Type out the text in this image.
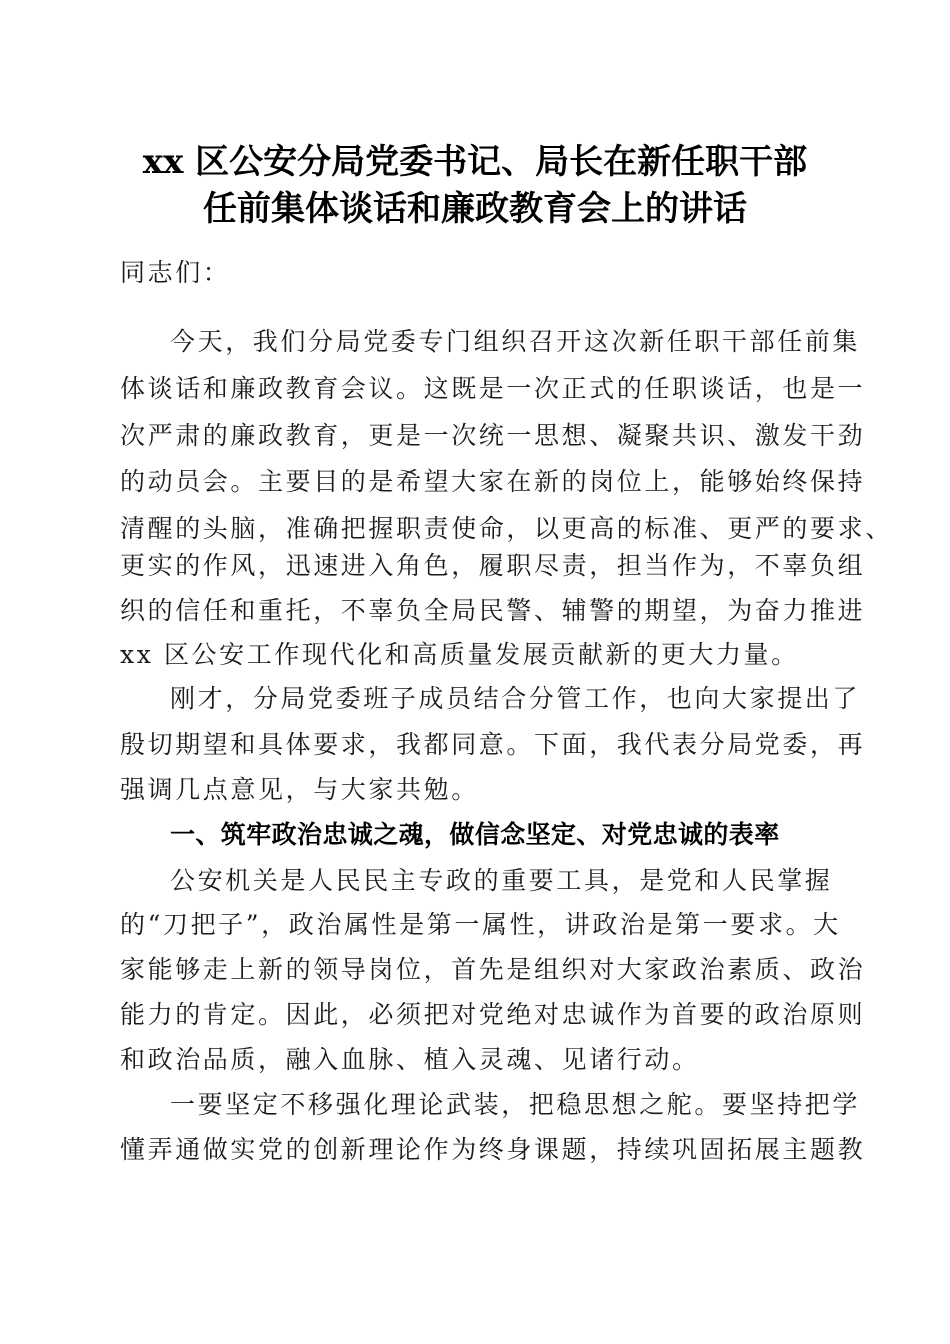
xx 区公安分局党委书记、局长在新任职干部
任前集体谈话和廉政教育会上的讲话
同志们：
今天，我们分局党委专门组织召开这次新任职干部任前集
体谈话和廉政教育会议。这既是一次正式的任职谈话，也是一
次严肃的廉政教育，更是一次统一思想、凝聚共识、激发干劲
的动员会。主要目的是希望大家在新的岗位上，能够始终保持
清醒的头脑，准确把握职责使命，以更高的标准、更严的要求、
更实的作风，迅速进入角色，履职尽责，担当作为，不辜负组
织的信任和重托，不辜负全局民警、辅警的期望，为奋力推进
xx 区公安工作现代化和高质量发展贡献新的更大力量。
刚才，分局党委班子成员结合分管工作，也向大家提出了
殷切期望和具体要求，我都同意。下面，我代表分局党委，再
强调几点意见，与大家共勉。
一、筑牢政治忠诚之魂，做信念坚定、对党忠诚的表率
公安机关是人民民主专政的重要工具，是党和人民掌握
的“刀把子”，政治属性是第一属性，讲政治是第一要求。大
家能够走上新的领导岗位，首先是组织对大家政治素质、政治
能力的肯定。因此，必须把对党绝对忠诚作为首要的政治原则
和政治品质，融入血脉、植入灵魂、见诸行动。
一要坚定不移强化理论武装，把稳思想之舵。要坚持把学
懂弄通做实党的创新理论作为终身课题，持续巩固拓展主题教
